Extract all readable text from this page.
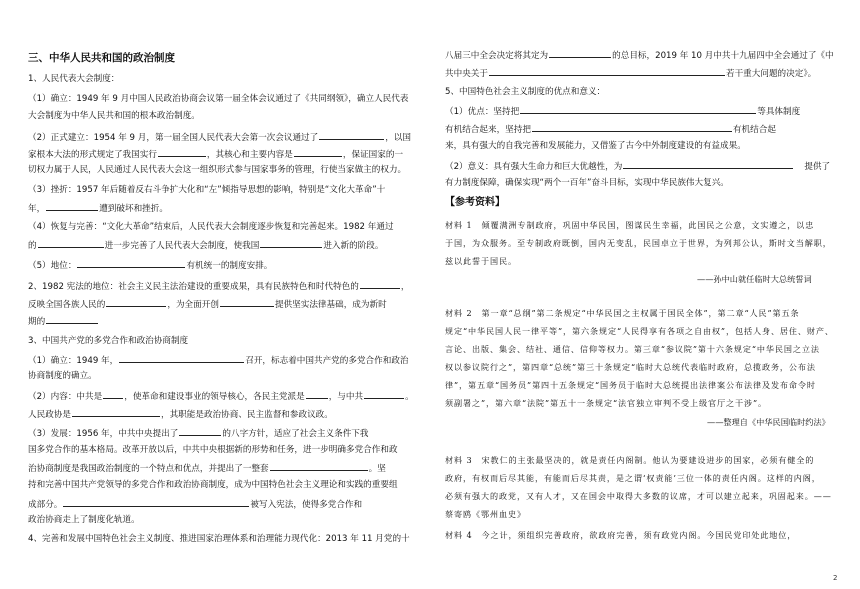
三、中华人民共和国的政治制度
1、人民代表大会制度：
（1）确立：1949 年 9 月中国人民政治协商会议第一届全体会议通过了《共同纲领》，确立人民代表
大会制度为中华人民共和国的根本政治制度。
（2）正式建立：1954 年 9 月，第一届全国人民代表大会第一次会议通过了	，以国
家根本大法的形式规定了我国实行	，其核心和主要内容是	，保证国家的一
切权力属于人民，人民通过人民代表大会这一组织形式参与国家事务的管理，行使当家做主的权力。
（3）挫折：1957 年后随着反右斗争扩大化和“左”倾指导思想的影响，特别是“文化大革命”十
年，	遭到破坏和挫折。
（4）恢复与完善：“文化大革命”结束后，人民代表大会制度逐步恢复和完善起来。1982 年通过
的	进一步完善了人民代表大会制度，使我国	进入新的阶段。
（5）地位：	有机统一的制度安排。
2、1982 宪法的地位：社会主义民主法治建设的重要成果，具有民族特色和时代特色的	，
反映全国各族人民的	，为全面开创	提供坚实法律基础，成为新时
期的
3、中国共产党的多党合作和政治协商制度
（1）确立：1949 年，	召开，标志着中国共产党的多党合作和政治
协商制度的确立。
（2）内容：中共是	，使革命和建设事业的领导核心，各民主党派是	，与中共	。
人民政协是	，其职能是政治协商、民主监督和参政议政。
（3）发展：1956 年，中共中央提出了	的八字方针，适应了社会主义条件下我
国多党合作的基本格局。改革开放以后，中共中央根据新的形势和任务，进一步明确多党合作和政
治协商制度是我国政治制度的一个特点和优点，并提出了一整套	。坚
持和完善中国共产党领导的多党合作和政治协商制度，成为中国特色社会主义理论和实践的重要组
成部分。	被写入宪法，使得多党合作和
政治协商走上了制度化轨道。
4、完善和发展中国特色社会主义制度、推进国家治理体系和治理能力现代化：2013 年 11 月党的十
八届三中全会决定将其定为	的总目标，2019 年 10 月中共十九届四中全会通过了《中
共中央关于	若干重大问题的决定》。
5、中国特色社会主义制度的优点和意义：
（1）优点：坚持把	等具体制度
有机结合起来，坚持把	有机结合起
来，具有强大的自我完善和发展能力，又借鉴了古今中外制度建设的有益成果。
（2）意义：具有强大生命力和巨大优越性，为	提供了
有力制度保障，确保实现“两个一百年”奋斗目标，实现中华民族伟大复兴。
【参考资料】
材料 1　倾覆满洲专制政府，巩固中华民国，图谋民生幸福，此国民之公意，文实遵之，以忠
于国，为众服务。至专制政府既倒，国内无变乱，民国卓立于世界，为列邦公认，斯时文当解职，
兹以此誓于国民。
——孙中山就任临时大总统誓词
材料 2　第一章“总纲”第二条规定“中华民国之主权属于国民全体”，第二章“人民”第五条
规定“中华民国人民一律平等”，第六条规定“人民得享有各项之自由权”，包括人身、居住、财产、
言论、出版、集会、结社、通信、信仰等权力。第三章“参议院”第十六条规定“中华民国之立法
权以参议院行之”，第四章“总统”第三十条规定“临时大总统代表临时政府，总揽政务，公布法
律”，第五章“国务员”第四十五条规定“国务员于临时大总统提出法律案公布法律及发布命令时
须副署之”，第六章“法院”第五十一条规定“法官独立审判不受上级官厅之干涉”。
——整理自《中华民国临时约法》
材料 3　宋教仁的主张最坚决的，就是责任内阁制。他认为要建设进步的国家，必须有健全的
政府，有权而后尽其能，有能而后尽其责，是之谓‘权责能’三位一体的责任内阁。这样的内阁，
必须有强大的政党，又有人才，又在国会中取得大多数的议席，才可以建立起来，巩固起来。——
蔡寄鸥《鄂州血史》
材料 4　今之计，须组织完善政府，欲政府完善，须有政党内阁。今国民党印处此地位，
2
